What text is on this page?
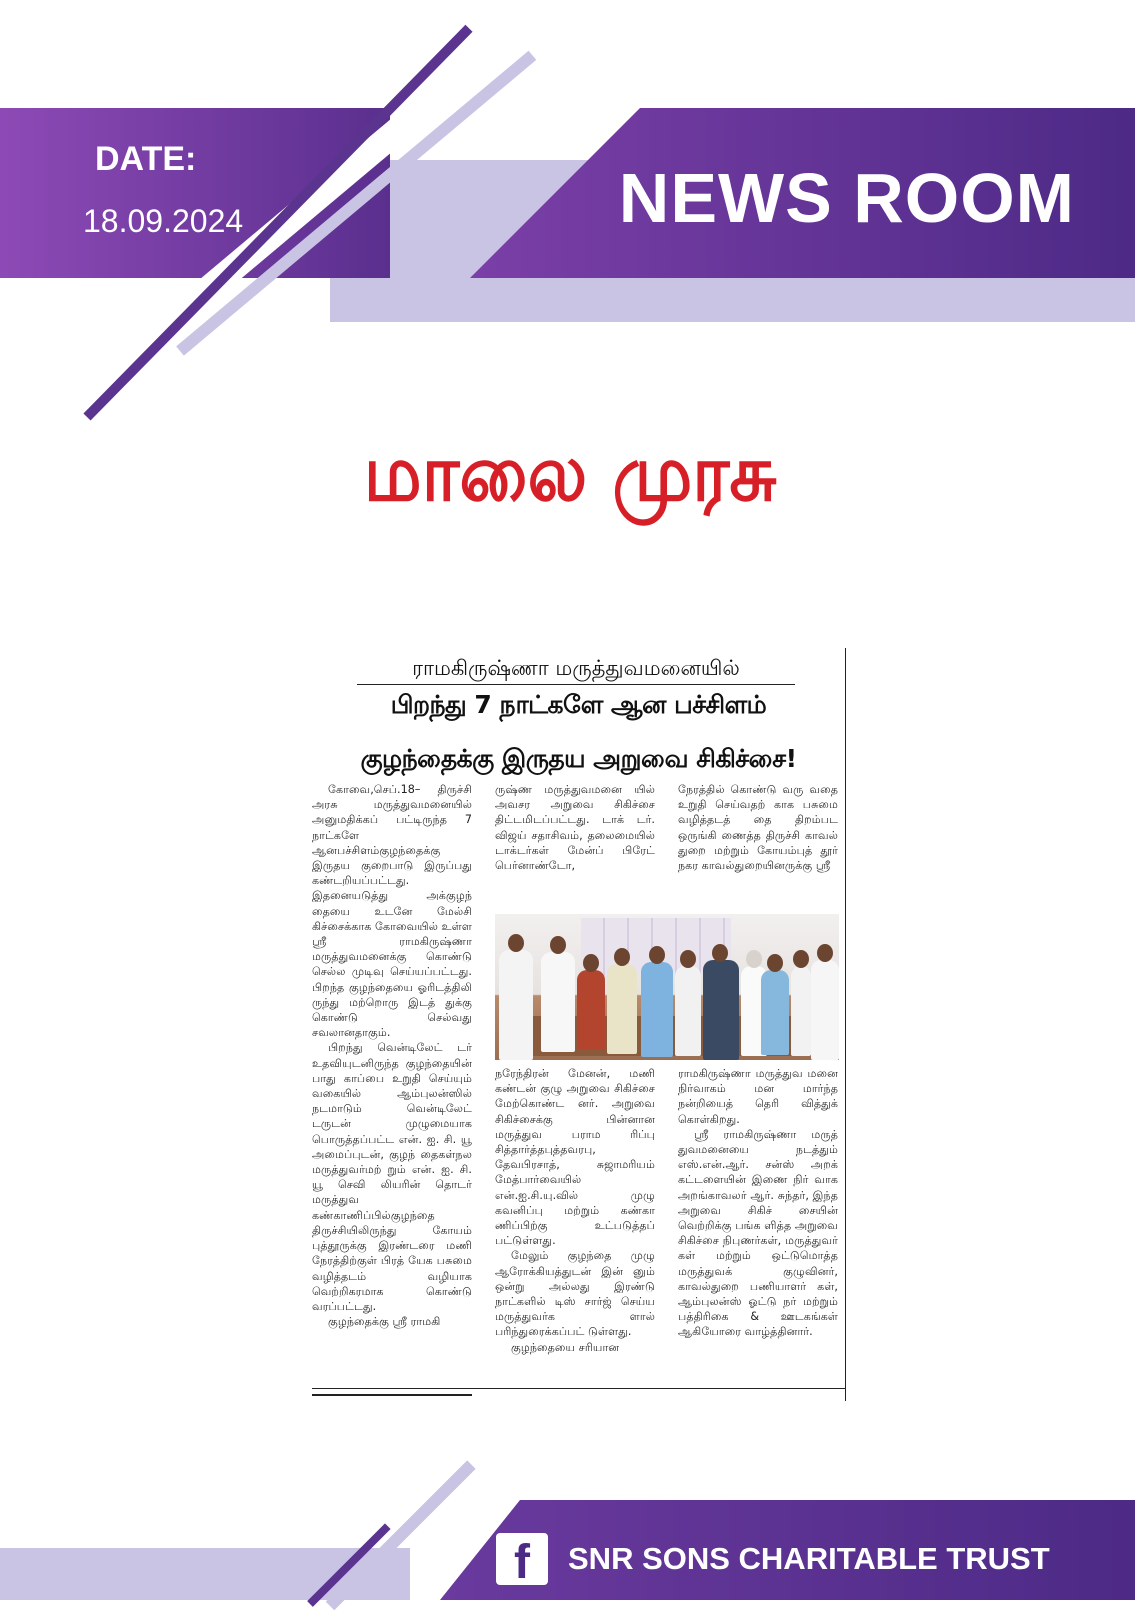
DATE:
18.09.2024	NEWS ROOM
மாலை முரசு
ராமகிருஷ்ணா மருத்துவமனையில்
பிறந்து 7 நாட்களே ஆன பச்சிளம்
குழந்தைக்கு இருதய அறுவை சிகிச்சை!

கோவை,செப்.18– திருச்சி அரசு மருத்துவமனையில் அனுமதிக்கப் பட்டிருந்த 7 நாட்களே ஆனபச்சிளம்குழந்தைக்கு இருதய குறைபாடு இருப்பது கண்டறியப்பட்டது. இதனையடுத்து அக்குழந் தையை உடனே மேல்சி கிச்சைக்காக கோவையில் உள்ள ஸ்ரீ ராமகிருஷ்ணா மருத்துவமனைக்கு கொண்டு செல்ல முடிவு செய்யப்பட்டது. பிறந்த குழந்தையை ஓரிடத்திலி ருந்து மற்றொரு இடத் துக்கு கொண்டு செல்வது சவலானதாகும்.

பிறந்து வென்டிலேட் டர் உதவியுடனிருந்த குழந்தையின் பாது காப்பை உறுதி செய்யும் வகையில் ஆம்புலன்ஸில் நடமாடும் வென்டிலேட் டருடன் முழுமையாக பொருத்தப்பட்ட என். ஐ. சி. யூ அமைப்புடன், குழந் தைகள்நல மருத்துவர்மற் றும் என். ஐ. சி. யூ செவி லியரின் தொடர் மருத்துவ கண்காணிப்பில்குழந்தை திருச்சியிலிருந்து கோயம் புத்தூருக்கு இரண்டரை மணி நேரத்திற்குள் பிரத் யேக பசுமை வழித்தடம் வழியாக வெற்றிகரமாக கொண்டு வரப்பட்டது.

குழந்தைக்கு ஸ்ரீ ராமகி

ருஷ்ண மருத்துவமனை யில் அவசர அறுவை சிகிச்சை திட்டமிடப்பட்டது. டாக் டர். விஜய் சதாசிவம், தலைமையில் டாக்டர்கள் மேன்ப் பிரேட் பெர்னாண்டோ,

நேரத்தில் கொண்டு வரு வதை உறுதி செய்வதற் காக பசுமை வழித்தடத் தை திறம்பட ஒருங்கி ணைத்த திருச்சி காவல் துறை மற்றும் கோயம்புத் தூர் நகர காவல்துறையினருக்கு ஸ்ரீ

நரேந்திரன் மேனன், மணி கண்டன் குழு அறுவை சிகிச்சை மேற்கொண்ட னர். அறுவை சிகிச்சைக்கு பின்னான மருத்துவ பராம ரிப்பு சித்தார்த்தபுத்தவரபு, தேவபிரசாத், சுஜாமரியம் மேத்பார்வையில் என்.ஐ.சி.யு.வில் முழு கவனிப்பு மற்றும் கண்கா ணிப்பிற்கு உட்படுத்தப் பட்டுள்ளது.

மேலும் குழந்தை முழு ஆரோக்கியத்துடன் இன் னும் ஒன்று அல்லது இரண்டு நாட்களில் டிஸ் சார்ஜ் செய்ய மருத்துவர்க ளால் பரிந்துரைக்கப்பட் டுள்ளது.

குழந்தையை சரியான

ராமகிருஷ்ணா மருத்துவ மனை நிர்வாகம் மன மார்ந்த நன்றியைத் தெரி வித்துக் கொள்கிறது.

ஸ்ரீ ராமகிருஷ்ணா மருத் துவமனையை நடத்தும் எஸ்.என்.ஆர். சன்ஸ் அறக் கட்டளையின் இணை நிர் வாக அறங்காவலர் ஆர். சுந்தர், இந்த அறுவை சிகிச் சையின் வெற்றிக்கு பங்க ளித்த அறுவை சிகிச்சை நிபுணர்கள், மருத்துவர் கள் மற்றும் ஒட்டுமொத்த மருத்துவக் குழுவினர், காவல்துறை பணியாளர் கள், ஆம்புலன்ஸ் ஓட்டு நர் மற்றும் பத்திரிகை & ஊடகங்கள் ஆகியோரை வாழ்த்தினார்.

f	SNR SONS CHARITABLE TRUST
